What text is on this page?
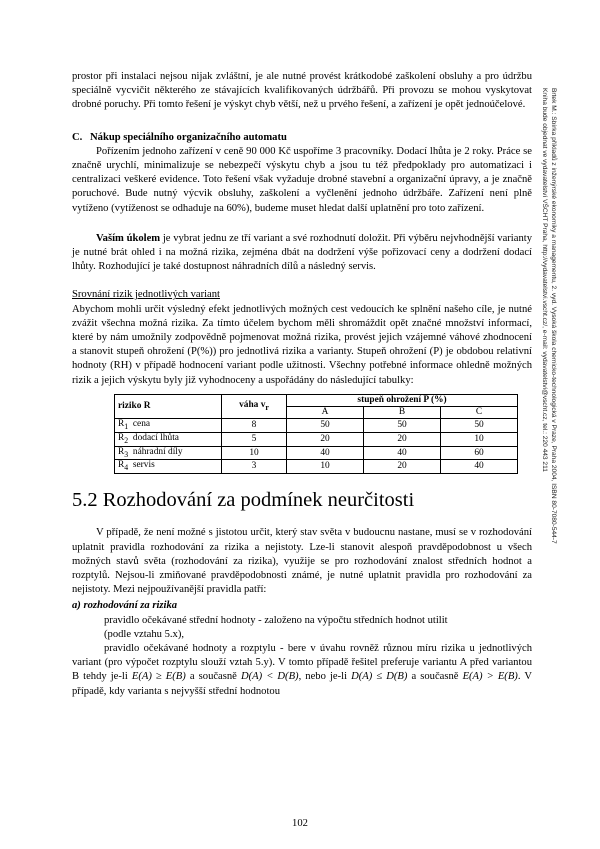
prostor při instalaci nejsou nijak zvláštní, je ale nutné provést krátkodobé zaškolení obsluhy a pro údržbu speciálně vycvičit některého ze stávajících kvalifikovaných údržbářů. Při provozu se mohou vyskytovat drobné poruchy. Při tomto řešení je výskyt chyb větší, než u prvého řešení, a zařízení je opět jednoúčelové.

C. Nákup speciálního organizačního automatu

Pořízením jednoho zařízení v ceně 90 000 Kč uspoříme 3 pracovníky. Dodací lhůta je 2 roky. Práce se značně urychlí, minimalizuje se nebezpečí výskytu chyb a jsou tu též předpoklady pro automatizaci i centralizaci veškeré evidence. Toto řešení však vyžaduje drobné stavební a organizační úpravy, a je značně poruchové. Bude nutný výcvik obsluhy, zaškolení a vyčlenění jednoho údržbáře. Zařízení není plně vytíženo (vytíženost se odhaduje na 60%), budeme muset hledat další uplatnění pro toto zařízení.

Vaším úkolem je vybrat jednu ze tří variant a své rozhodnutí doložit. Při výběru nejvhodnější varianty je nutné brát ohled i na možná rizika, zejména dbát na dodržení výše pořizovací ceny a dodržení dodací lhůty. Rozhodující je také dostupnost náhradních dílů a následný servis.

Srovnání rizik jednotlivých variant

Abychom mohli určit výsledný efekt jednotlivých možných cest vedoucích ke splnění našeho cíle, je nutné zvážit všechna možná rizika. Za tímto účelem bychom měli shromáždit opět značné množství informací, které by nám umožnily zodpovědně pojmenovat možná rizika, provést jejich vzájemné váhové zhodnocení a stanovit stupeň ohrožení (P(%)) pro jednotlivá rizika a varianty. Stupeň ohrožení (P) je obdobou relativní hodnoty (RH) v případě hodnocení variant podle užitnosti. Všechny potřebné informace ohledně možných rizik a jejich výskytu byly již vyhodnoceny a uspořádány do následující tabulky:

riziko R	váha $v_r$	stupeň ohrožení P (%)		
		A	B	C
$R_1$ cena	8	50	50	50
$R_2$ dodací lhůta	5	20	20	10
$R_3$ náhradní díly	10	40	40	60
$R_4$ servis	3	10	20	40
5.2 Rozhodování za podmínek neurčitosti

V případě, že není možné s jistotou určit, který stav světa v budoucnu nastane, musí se v rozhodování uplatnit pravidla rozhodování za rizika a nejistoty. Lze-li stanovit alespoň pravděpodobnost u všech možných stavů světa (rozhodování za rizika), využije se pro rozhodování znalost středních hodnot a rozptylů. Nejsou-li zmiňované pravděpodobnosti známé, je nutné uplatnit pravidla pro rozhodování za nejistoty. Mezi nejpoužívanější pravidla patří:

a) rozhodování za rizika

pravidlo očekávané střední hodnoty - založeno na výpočtu středních hodnot utilit
(podle vztahu 5.x),

pravidlo očekávané hodnoty a rozptylu - bere v úvahu rovněž různou míru rizika u jednotlivých variant (pro výpočet rozptylu slouží vztah 5.y). V tomto případě řešitel preferuje variantu A před variantou B tehdy je-li E(A) ≥ E(B) a současně D(A) < D(B), nebo je-li D(A) ≤ D(B) a současně E(A) > E(B). V případě, kdy varianta s nejvyšší střední hodnotou

102
Brtek M.: Sbírka příkladů z inženýrské ekonomiky a managementu, 2. vyd. Vysoká škola chemicko-technologická v Praze, Praha 2004, ISBN 80-7080-544-7
Kniha bude objednat ve vydavatelství VŠCHT Praha, http://vydavatelstvi.vscht.cz/, e-mail: vydavatelstvi@vscht.cz, tel.: 220 443 211
